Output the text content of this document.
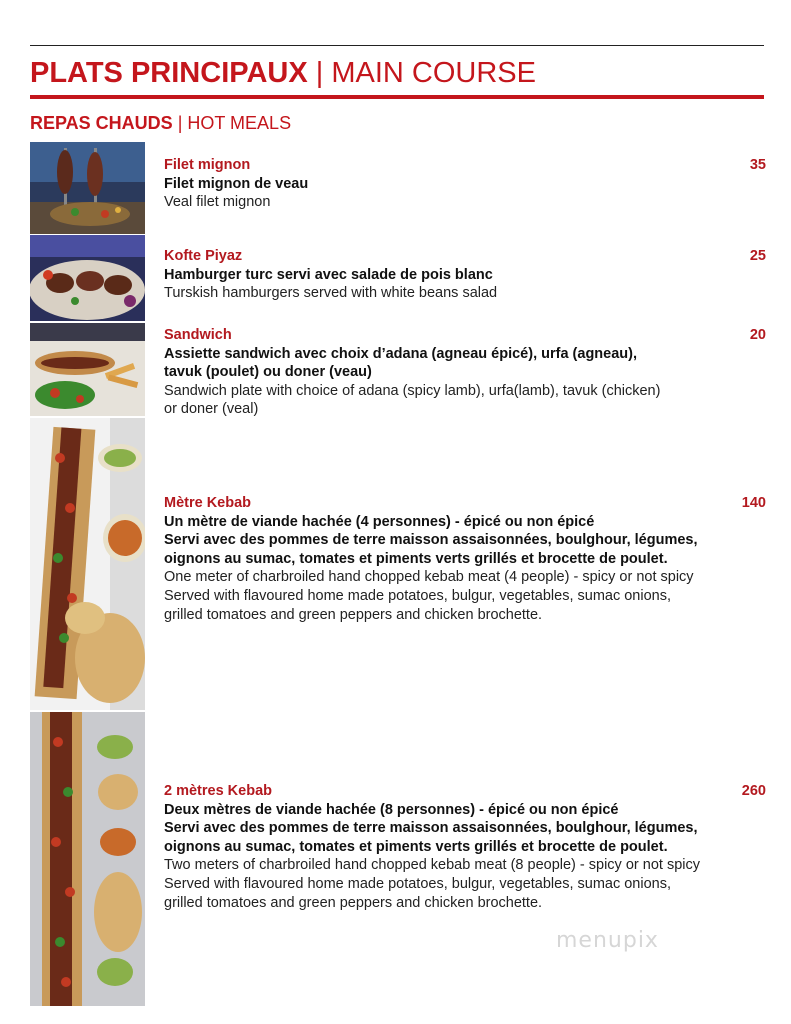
PLATS PRINCIPAUX | MAIN COURSE
REPAS CHAUDS | HOT MEALS
Filet mignon	35

Filet mignon de veau

Veal filet mignon

Kofte Piyaz	25

Hamburger turc servi avec salade de pois blanc

Turskish hamburgers served with white beans salad

Sandwich	20

Assiette sandwich avec choix d’adana (agneau épicé), urfa (agneau),

tavuk (poulet) ou doner (veau)

Sandwich plate with choice of adana (spicy lamb), urfa(lamb), tavuk (chicken)

or doner (veal)

Mètre Kebab	140

Un mètre de viande hachée (4 personnes) - épicé ou non épicé

Servi avec des pommes de terre maisson assaisonnées, boulghour, légumes,

oignons au sumac, tomates et piments verts grillés et brocette de poulet.

One meter of charbroiled hand chopped kebab meat (4 people) - spicy or not spicy

Served with flavoured home made potatoes, bulgur, vegetables, sumac onions,

grilled tomatoes and green peppers and chicken brochette.

2 mètres Kebab	260

Deux mètres de viande hachée (8 personnes) - épicé ou non épicé

Servi avec des pommes de terre maisson assaisonnées, boulghour, légumes,

oignons au sumac, tomates et piments verts grillés et brocette de poulet.

Two meters of charbroiled hand chopped kebab meat (8 people) - spicy or not spicy

Served with flavoured home made potatoes, bulgur, vegetables, sumac onions,

grilled tomatoes and green peppers and chicken brochette.

menupix
